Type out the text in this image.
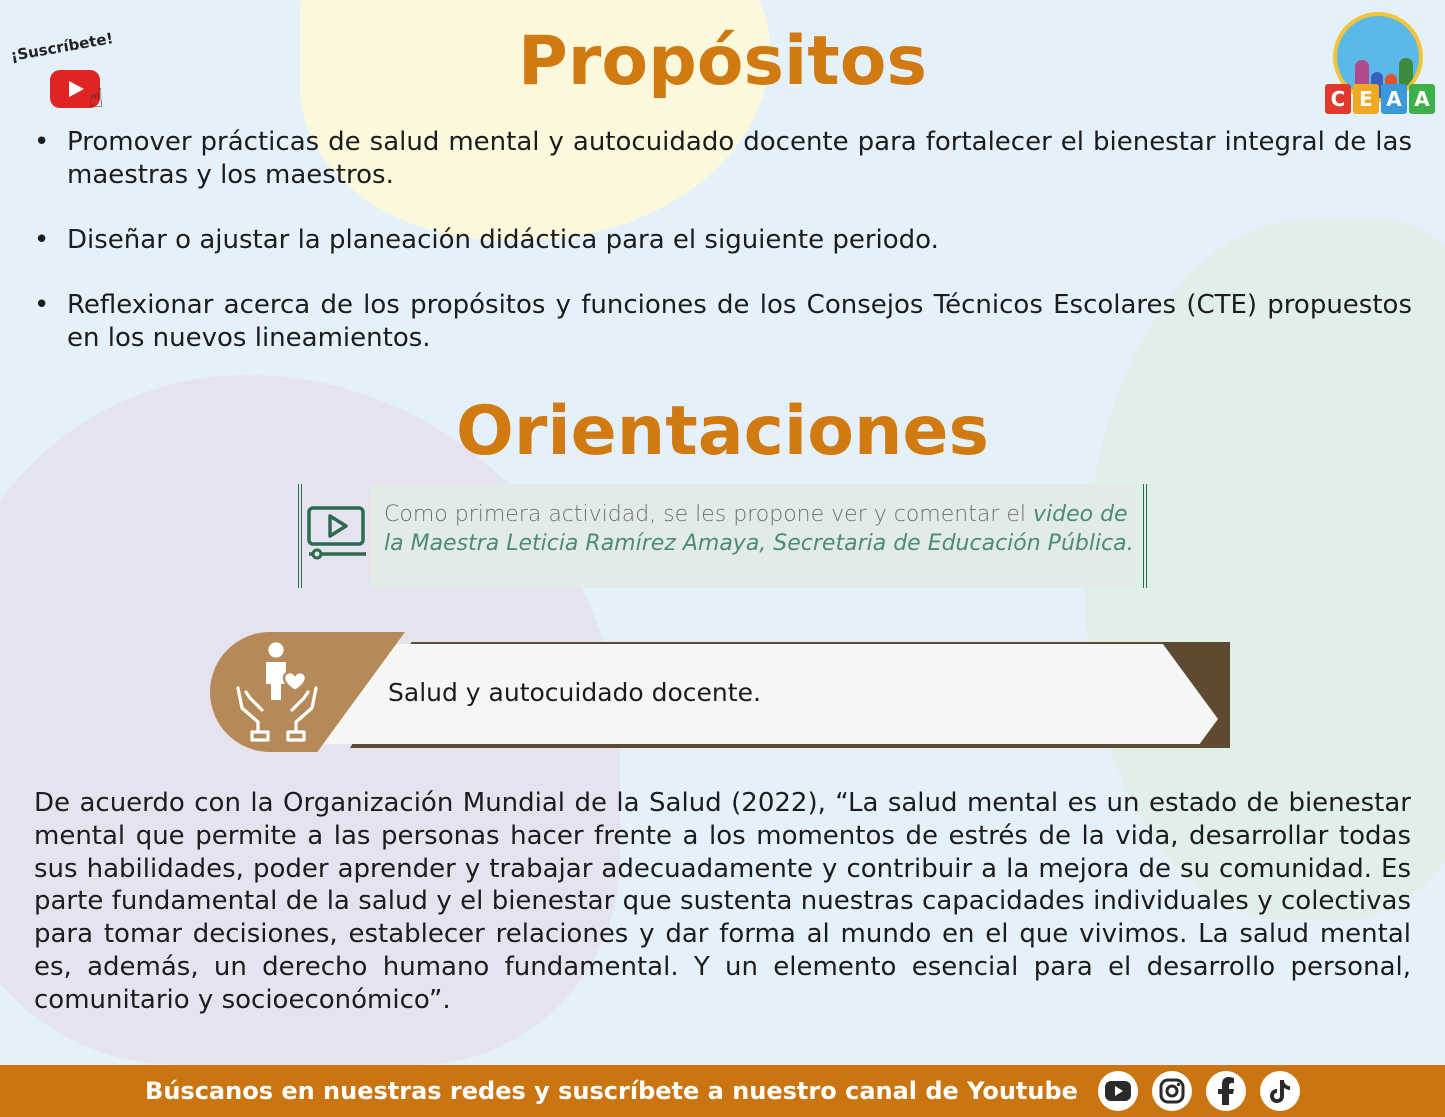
¡Suscríbete!
☝	C E A A
Propósitos
• Promover prácticas de salud mental y autocuidado docente para fortalecer el bienestar integral de las maestras y los maestros.
• Diseñar o ajustar la planeación didáctica para el siguiente periodo.
• Reflexionar acerca de los propósitos y funciones de los Consejos Técnicos Escolares (CTE) propuestos en los nuevos lineamientos.
Orientaciones
Como primera actividad, se les propone ver y comentar el video de la Maestra Leticia Ramírez Amaya, Secretaria de Educación Pública.
Salud y autocuidado docente.
De acuerdo con la Organización Mundial de la Salud (2022), “La salud mental es un estado de bienestar mental que permite a las personas hacer frente a los momentos de estrés de la vida, desarrollar todas sus habilidades, poder aprender y trabajar adecuadamente y contribuir a la mejora de su comunidad. Es parte fundamental de la salud y el bienestar que sustenta nuestras capacidades individuales y colectivas para tomar decisiones, establecer relaciones y dar forma al mundo en el que vivimos. La salud mental es, además, un derecho humano fundamental. Y un elemento esencial para el desarrollo personal, comunitario y socioeconómico”.
Búscanos en nuestras redes y suscríbete a nuestro canal de Youtube
